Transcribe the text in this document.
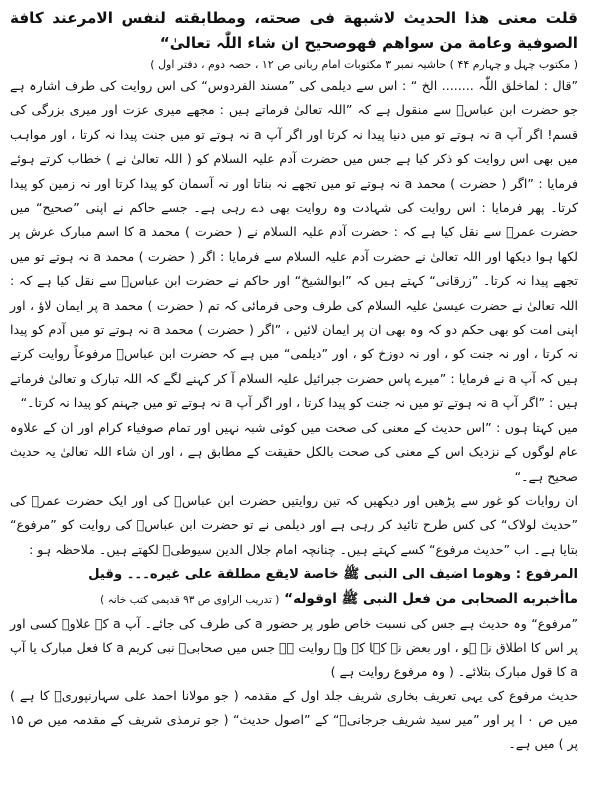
قلت معنى هذا الحديث لاشبهة فى صحته، ومطابقته لنفس الامرعند كافة الصوفية وعامة من سواهم فهوصحيح ان شاء اللّٰہ تعالیٰ“

( مکتوب چہل و چہارم ۴۴ ) حاشیہ نمبر ۳ مکتوبات امام ربانی ص ۱۲ ، حصہ دوم ، دفتر اول )

”قال : لماخلق اللّٰہ ........ الخ “ : اس سے دیلمی کی ”مسند الفردوس“ کی اس روایت کی طرف اشارہ ہے جو حضرت ابن عباسؓ سے منقول ہے کہ ”اللہ تعالیٰ فرماتے ہیں : مجھے میری عزت اور میری بزرگی کی قسم! اگر آپ a نہ ہوتے تو میں دنیا پیدا نہ کرتا اور اگر آپ a نہ ہوتے تو میں جنت پیدا نہ کرتا ، اور مواہب میں بھی اس روایت کو ذکر کیا ہے جس میں حضرت آدم علیہ السلام کو ( اللہ تعالیٰ نے ) خطاب کرتے ہوئے فرمایا : ”اگر ( حضرت ) محمد a نہ ہوتے تو میں تجھے نہ بناتا اور نہ آسمان کو پیدا کرتا اور نہ زمین کو پیدا کرتا۔ پھر فرمایا : اس روایت کی شہادت وہ روایت بھی دے رہی ہے۔ جسے حاکم نے اپنی ”صحیح“ میں حضرت عمرؓ سے نقل کیا ہے کہ : حضرت آدم علیہ السلام نے ( حضرت ) محمد a کا اسم مبارک عرش پر لکھا ہوا دیکھا اور اللہ تعالیٰ نے حضرت آدم علیہ السلام سے فرمایا : اگر ( حضرت ) محمد a نہ ہوتے تو میں تجھے پیدا نہ کرتا۔ ”زرقانی“ کہتے ہیں کہ ”ابوالشیخ“ اور حاکم نے حضرت ابن عباسؓ سے نقل کیا ہے کہ : اللہ تعالیٰ نے حضرت عیسیٰ علیہ السلام کی طرف وحی فرمائی کہ تم ( حضرت ) محمد a پر ایمان لاؤ ، اور اپنی امت کو بھی حکم دو کہ وہ بھی ان پر ایمان لائیں ، ”اگر ( حضرت ) محمد a نہ ہوتے تو میں آدم کو پیدا نہ کرتا ، اور نہ جنت کو ، اور نہ دوزخ کو ، اور ”دیلمی“ میں ہے کہ حضرت ابن عباسؓ مرفوعاً روایت کرتے ہیں کہ آپ a نے فرمایا : ”میرے پاس حضرت جبرائیل علیہ السلام آ کر کہنے لگے کہ اللہ تبارک و تعالیٰ فرماتے ہیں : ”اگر آپ a نہ ہوتے تو میں نہ جنت کو پیدا کرتا ، اور اگر آپ a نہ ہوتے تو میں جہنم کو پیدا نہ کرتا۔“

میں کہتا ہوں : ”اس حدیث کے معنی کی صحت میں کوئی شبہ نہیں اور تمام صوفیاء کرام اور ان کے علاوہ عام لوگوں کے نزدیک اس کے معنی کی صحت بالکل حقیقت کے مطابق ہے ، اور ان شاء اللہ تعالیٰ یہ حدیث صحیح ہے۔“

ان روایات کو غور سے پڑھیں اور دیکھیں کہ تین روایتیں حضرت ابن عباسؓ کی اور ایک حضرت عمرؓ کی ”حدیث لولاک“ کی کس طرح تائید کر رہی ہے اور دیلمی نے تو حضرت ابن عباسؓ کی روایت کو ”مرفوع“ بتایا ہے۔ اب ”حدیث مرفوع“ کسے کہتے ہیں۔ چنانچہ امام جلال الدین سیوطیؒ لکھتے ہیں۔ ملاحظہ ہو :

المرفوع : وهوما اضيف الى النبی ﷺ خاصة لايقع مطلقة علی غيره۔۔۔ وقيل

ماأخبربه الصحابی من فعل النبی ﷺ اوقوله“ ( تدریب الراوی ص ۹۳ قدیمی کتب خانہ )

”مرفوع“ وہ حدیث ہے جس کی نسبت خاص طور پر حضور a کی طرف کی جائے۔ آپ a کے علاوہ کسی اور پر اس کا اطلاق نہ ہو ، اور بعض نے کہا کہ وہ روایت ہے جس میں صحابیؓ نبی کریم a کا فعل مبارک یا آپ a کا قول مبارک بتلائے۔ ( وہ مرفوع روایت ہے )

حدیث مرفوع کی یہی تعریف بخاری شریف جلد اول کے مقدمہ ( جو مولانا احمد علی سہارنپوریؒ کا ہے ) میں ص ۰ ا پر اور ”میر سید شریف جرجانیؒ“ کے ”اصول حدیث“ ( جو ترمذی شریف کے مقدمہ میں ص ۱۵ پر ) میں ہے۔
